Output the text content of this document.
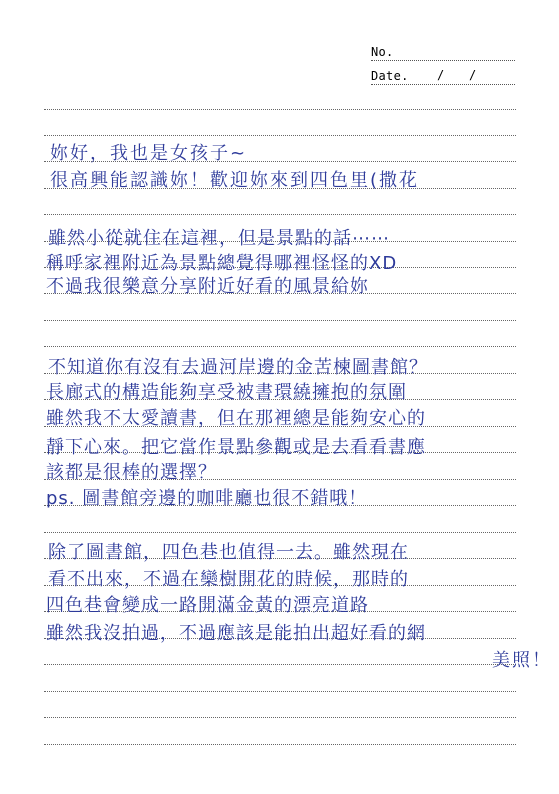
No.
Date. / /
妳好，我也是女孩子~
很高興能認識妳！歡迎妳來到四色里(撒花
雖然小從就住在這裡，但是景點的話⋯⋯
稱呼家裡附近為景點總覺得哪裡怪怪的XD
不過我很樂意分享附近好看的風景給妳
不知道你有沒有去過河岸邊的金苦楝圖書館？
長廊式的構造能夠享受被書環繞擁抱的氛圍
雖然我不太愛讀書，但在那裡總是能夠安心的
靜下心來。把它當作景點參觀或是去看看書應
該都是很棒的選擇？
ps. 圖書館旁邊的咖啡廳也很不錯哦！
除了圖書館，四色巷也值得一去。雖然現在
看不出來，不過在欒樹開花的時候，那時的
四色巷會變成一路開滿金黃的漂亮道路
雖然我沒拍過，不過應該是能拍出超好看的網
美照！
